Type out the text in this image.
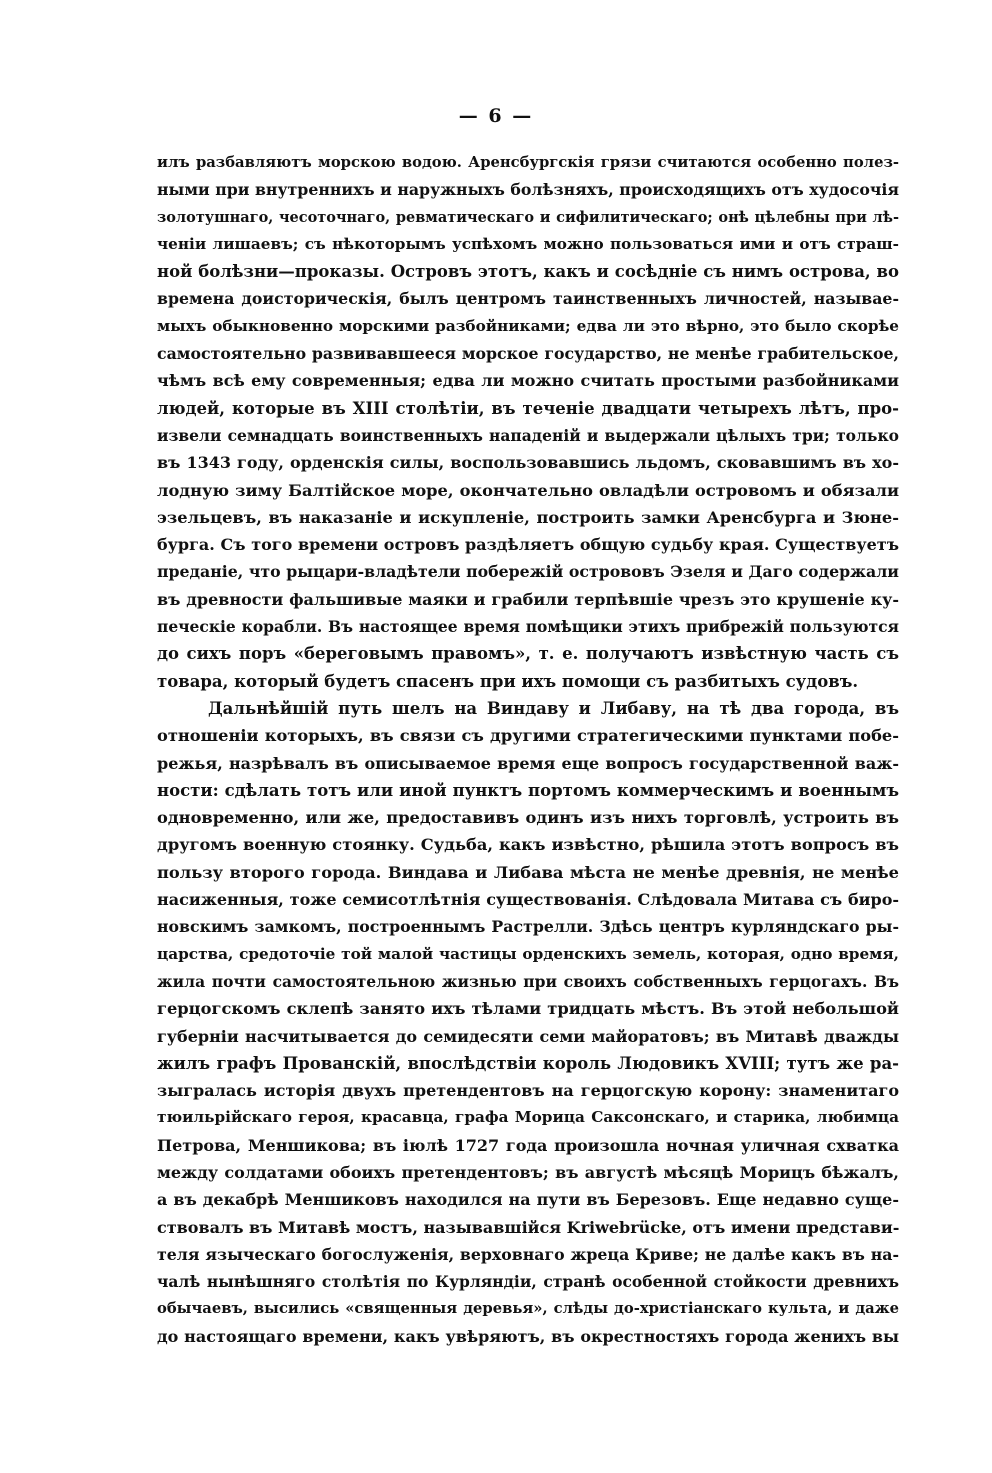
— 6 —
илъ разбавляютъ морскою водою. Аренсбургскія грязи считаются особенно полез-
ными при внутреннихъ и наружныхъ болѣзняхъ, происходящихъ отъ худосочія
золотушнаго, чесоточнаго, ревматическаго и сифилитическаго; онѣ цѣлебны при лѣ-
ченіи лишаевъ; съ нѣкоторымъ успѣхомъ можно пользоваться ими и отъ страш-
ной болѣзни—проказы. Островъ этотъ, какъ и сосѣдніе съ нимъ острова, во
времена доисторическія, былъ центромъ таинственныхъ личностей, называе-
мыхъ обыкновенно морскими разбойниками; едва ли это вѣрно, это было скорѣе
самостоятельно развивавшееся морское государство, не менѣе грабительское,
чѣмъ всѣ ему современныя; едва ли можно считать простыми разбойниками
людей, которые въ XIII столѣтіи, въ теченіе двадцати четырехъ лѣтъ, про-
извели семнадцать воинственныхъ нападеній и выдержали цѣлыхъ три; только
въ 1343 году, орденскія силы, воспользовавшись льдомъ, сковавшимъ въ хо-
лодную зиму Балтійское море, окончательно овладѣли островомъ и обязали
эзельцевъ, въ наказаніе и искупленіе, построить замки Аренсбурга и Зюне-
бурга. Съ того времени островъ раздѣляетъ общую судьбу края. Существуетъ
преданіе, что рыцари-владѣтели побережій острововъ Эзеля и Даго содержали
въ древности фальшивые маяки и грабили терпѣвшіе чрезъ это крушеніе ку-
печескіе корабли. Въ настоящее время помѣщики этихъ прибрежій пользуются
до сихъ поръ «береговымъ правомъ», т. е. получаютъ извѣстную часть съ
товара, который будетъ спасенъ при ихъ помощи съ разбитыхъ судовъ.
Дальнѣйшій путь шелъ на Виндаву и Либаву, на тѣ два города, въ
отношеніи которыхъ, въ связи съ другими стратегическими пунктами побе-
режья, назрѣвалъ въ описываемое время еще вопросъ государственной важ-
ности: сдѣлать тотъ или иной пунктъ портомъ коммерческимъ и военнымъ
одновременно, или же, предоставивъ одинъ изъ нихъ торговлѣ, устроить въ
другомъ военную стоянку. Судьба, какъ извѣстно, рѣшила этотъ вопросъ въ
пользу второго города. Виндава и Либава мѣста не менѣе древнія, не менѣе
насиженныя, тоже семисотлѣтнія существованія. Слѣдовала Митава съ биро-
новскимъ замкомъ, построеннымъ Растрелли. Здѣсь центръ курляндскаго ры-
царства, средоточіе той малой частицы орденскихъ земель, которая, одно время,
жила почти самостоятельною жизнью при своихъ собственныхъ герцогахъ. Въ
герцогскомъ склепѣ занято ихъ тѣлами тридцать мѣстъ. Въ этой небольшой
губерніи насчитывается до семидесяти семи майоратовъ; въ Митавѣ дважды
жилъ графъ Прованскій, впослѣдствіи король Людовикъ XVIII; тутъ же ра-
зыгралась исторія двухъ претендентовъ на герцогскую корону: знаменитаго
тюильрійскаго героя, красавца, графа Морица Саксонскаго, и старика, любимца
Петрова, Меншикова; въ іюлѣ 1727 года произошла ночная уличная схватка
между солдатами обоихъ претендентовъ; въ августѣ мѣсяцѣ Морицъ бѣжалъ,
а въ декабрѣ Меншиковъ находился на пути въ Березовъ. Еще недавно суще-
ствовалъ въ Митавѣ мостъ, называвшійся Kriwebrücke, отъ имени представи-
теля языческаго богослуженія, верховнаго жреца Криве; не далѣе какъ въ на-
чалѣ нынѣшняго столѣтія по Курляндіи, странѣ особенной стойкости древнихъ
обычаевъ, высились «священныя деревья», слѣды до-христіанскаго культа, и даже
до настоящаго времени, какъ увѣряютъ, въ окрестностяхъ города женихъ вы
